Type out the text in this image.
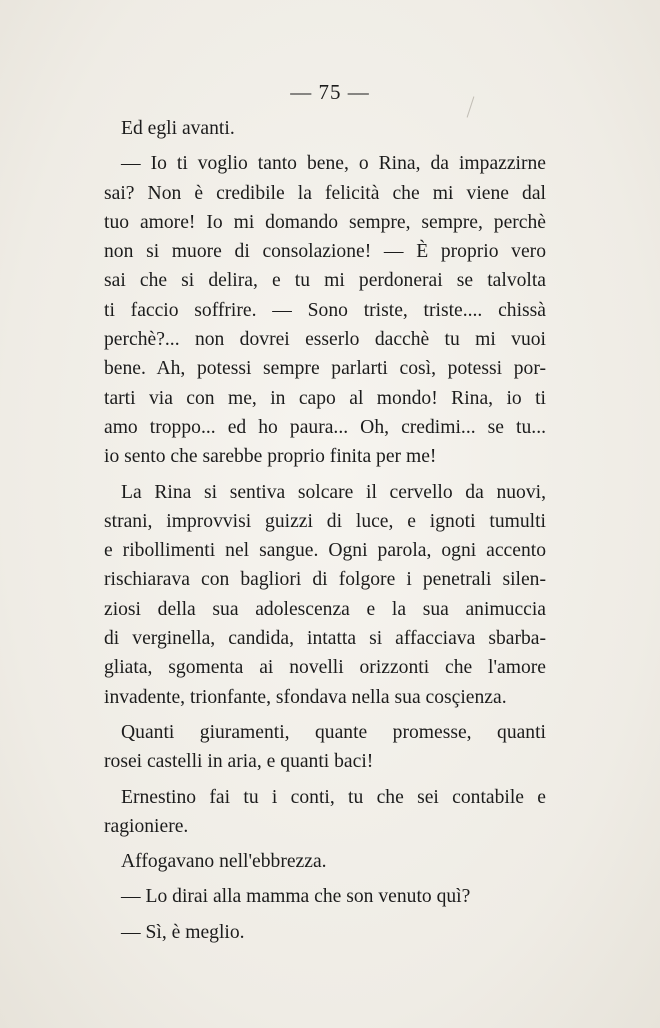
— 75 —
Ed egli avanti.
— Io ti voglio tanto bene, o Rina, da impazzirne
sai? Non è credibile la felicità che mi viene dal
tuo amore! Io mi domando sempre, sempre, perchè
non si muore di consolazione! — È proprio vero
sai che si delira, e tu mi perdonerai se talvolta
ti faccio soffrire. — Sono triste, triste.... chissà
perchè?... non dovrei esserlo dacchè tu mi vuoi
bene. Ah, potessi sempre parlarti così, potessi por-
tarti via con me, in capo al mondo! Rina, io ti
amo troppo... ed ho paura... Oh, credimi... se tu...
io sento che sarebbe proprio finita per me!
La Rina si sentiva solcare il cervello da nuovi,
strani, improvvisi guizzi di luce, e ignoti tumulti
e ribollimenti nel sangue. Ogni parola, ogni accento
rischiarava con bagliori di folgore i penetrali silen-
ziosi della sua adolescenza e la sua animuccia
di verginella, candida, intatta si affacciava sbarba-
gliata, sgomenta ai novelli orizzonti che l'amore
invadente, trionfante, sfondava nella sua cosçienza.
Quanti giuramenti, quante promesse, quanti
rosei castelli in aria, e quanti baci!
Ernestino fai tu i conti, tu che sei contabile e
ragioniere.
Affogavano nell'ebbrezza.
— Lo dirai alla mamma che son venuto quì?
— Sì, è meglio.
